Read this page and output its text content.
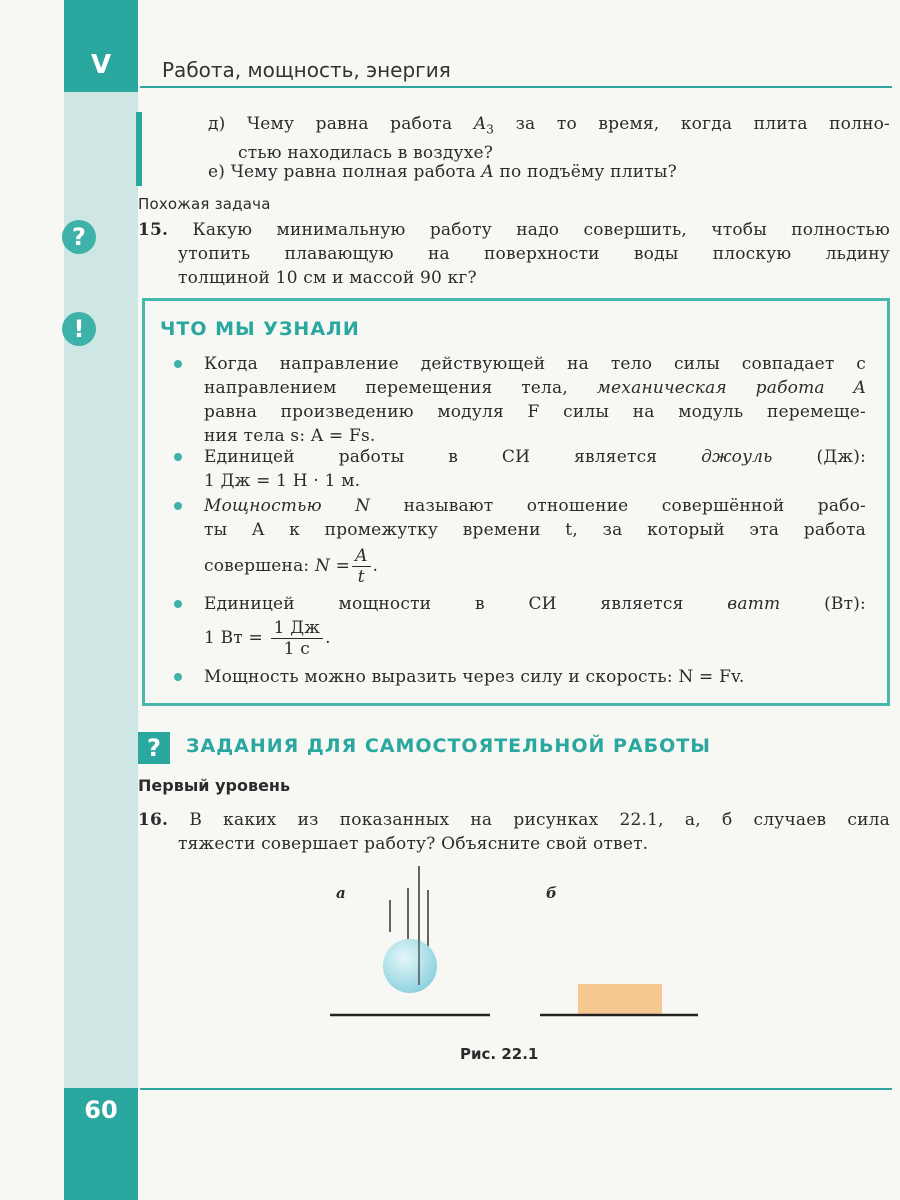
V
60
Работа, мощность, энергия
д) Чему равна работа $A_3$ за то время, когда плита полно-
стью находилась в воздухе?
е) Чему равна полная работа A по подъёму плиты?
Похожая задача
?	15. Какую минимальную работу надо совершить, чтобы полностью
утопить плавающую на поверхности воды плоскую льдину
толщиной 10 см и массой 90 кг?
!	ЧТО МЫ УЗНАЛИ
Когда направление действующей на тело силы совпадает с
направлением перемещения тела, механическая работа A
равна произведению модуля F силы на модуль перемеще-
ния тела s: A = Fs.
Единицей работы в СИ является джоуль (Дж):
1 Дж = 1 Н · 1 м.
Мощностью N называют отношение совершённой рабо-
ты A к промежутку времени t, за который эта работа
совершена: $N = \frac{A}{t}$ .
Единицей мощности в СИ является ватт (Вт):
1 Вт = $\frac{1 Дж}{1 с}$ .
Мощность можно выразить через силу и скорость: N = Fv.
?	ЗАДАНИЯ ДЛЯ САМОСТОЯТЕЛЬНОЙ РАБОТЫ
Первый уровень
16. В каких из показанных на рисунках 22.1, а, б случаев сила
тяжести совершает работу? Объясните свой ответ.
а	б
Рис. 22.1
